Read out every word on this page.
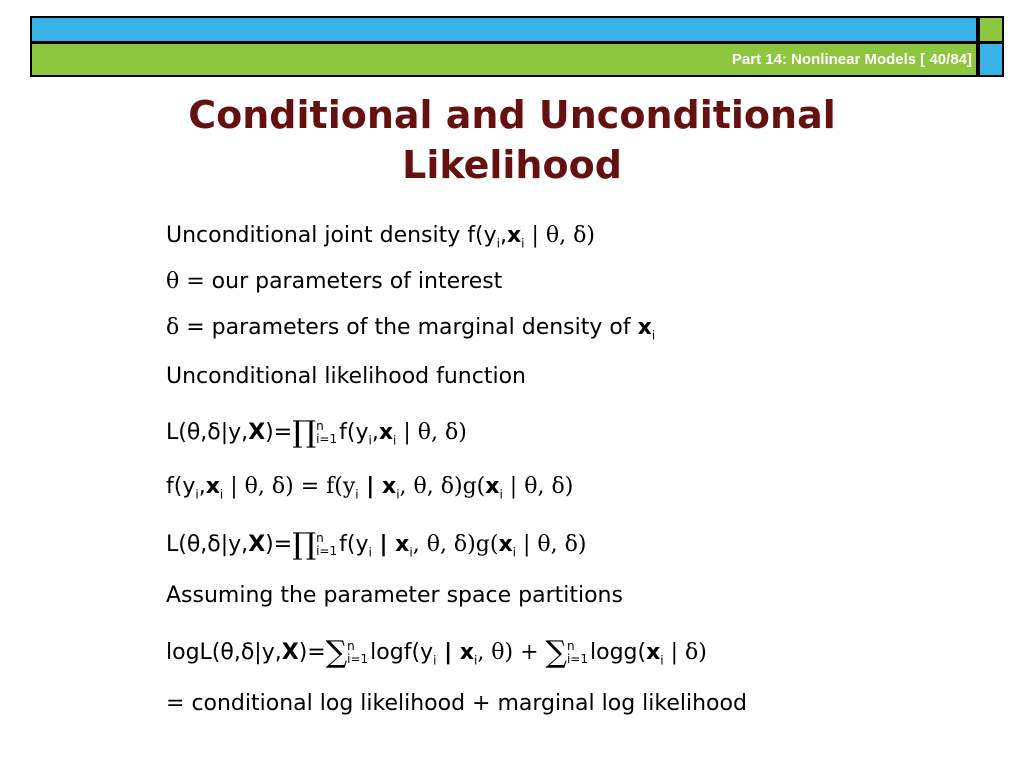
Part 14: Nonlinear Models [ 40/84]
Conditional and Unconditional
Likelihood
Unconditional joint density $f(y_i,x_i$ | θ, δ)
θ = our parameters of interest
δ = parameters of the marginal density of $x_i$
Unconditional likelihood function
L(θ,δ|y,X)=∏ n
i=1 $f(y_i,x_i$ | θ, δ)
$f(y_i,x_i$ | θ, $\delta) = f(y_i$ | $x_i$, θ, $\delta)g(x_i$ | θ, δ)
L(θ,δ|y,X)=∏ n
i=1 $f(y_i$ | $x_i$, θ, $\delta)g(x_i$ | θ, δ)
Assuming the parameter space partitions
logL(θ,δ|y,X)=∑ n
i=1 $\log f(y_i$ | $x_i$, θ) + ∑ n
i=1 $\log g(x_i$ | δ)
= conditional log likelihood + marginal log likelihood
